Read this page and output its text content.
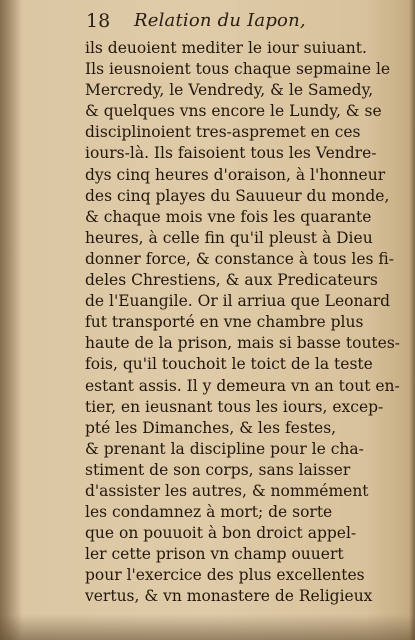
18 Relation du Iapon,
ils deuoient mediter le iour suiuant.
Ils ieusnoient tous chaque sepmaine le
Mercredy, le Vendredy, & le Samedy,
& quelques vns encore le Lundy, & se
disciplinoient tres-aspremet en ces
iours-là. Ils faisoient tous les Vendre-
dys cinq heures d'oraison, à l'honneur
des cinq playes du Sauueur du monde,
& chaque mois vne fois les quarante
heures, à celle fin qu'il pleust à Dieu
donner force, & constance à tous les fi-
deles Chrestiens, & aux Predicateurs
de l'Euangile. Or il arriua que Leonard
fut transporté en vne chambre plus
haute de la prison, mais si basse toutes-
fois, qu'il touchoit le toict de la teste
estant assis. Il y demeura vn an tout en-
tier, en ieusnant tous les iours, excep-
pté les Dimanches, & les festes,
& prenant la discipline pour le cha-
stiment de son corps, sans laisser
d'assister les autres, & nommément
les condamnez à mort; de sorte
que on pouuoit à bon droict appel-
ler cette prison vn champ ouuert
pour l'exercice des plus excellentes
vertus, & vn monastere de Religieux
